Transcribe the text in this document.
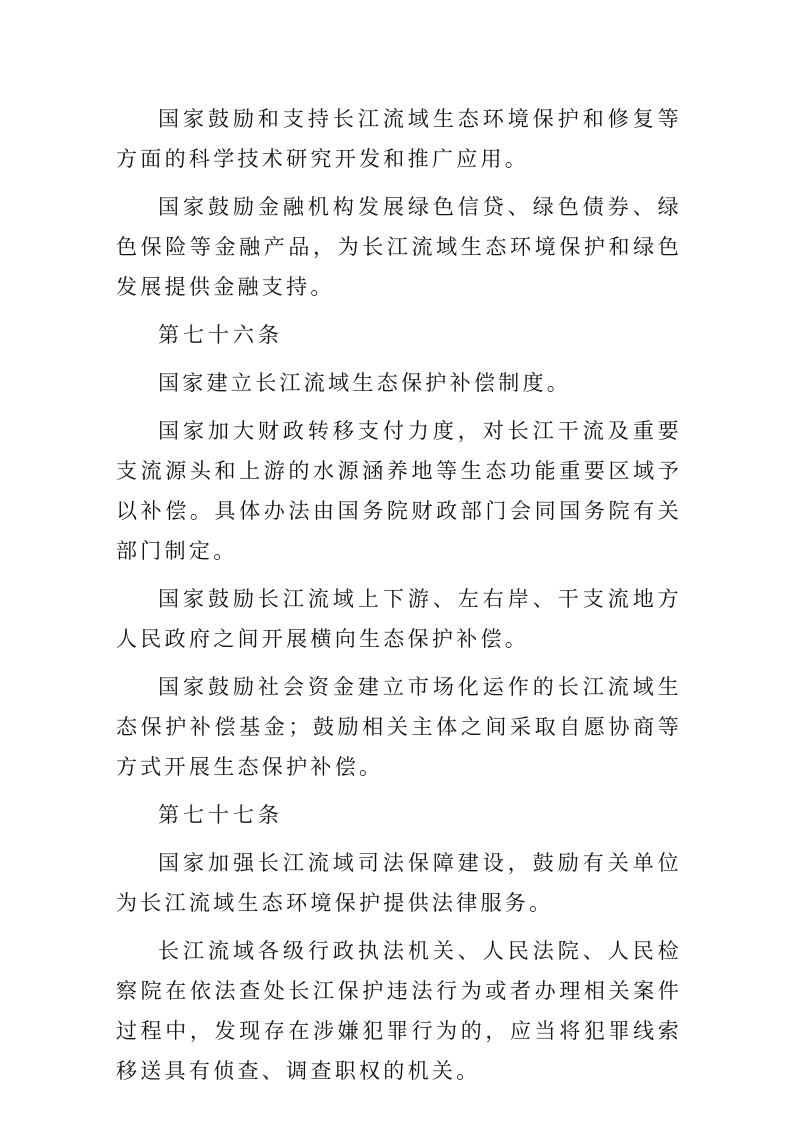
国家鼓励和支持长江流域生态环境保护和修复等方面的科学技术研究开发和推广应用。

国家鼓励金融机构发展绿色信贷、绿色债券、绿色保险等金融产品，为长江流域生态环境保护和绿色发展提供金融支持。

第七十六条

国家建立长江流域生态保护补偿制度。

国家加大财政转移支付力度，对长江干流及重要支流源头和上游的水源涵养地等生态功能重要区域予以补偿。具体办法由国务院财政部门会同国务院有关部门制定。

国家鼓励长江流域上下游、左右岸、干支流地方人民政府之间开展横向生态保护补偿。

国家鼓励社会资金建立市场化运作的长江流域生态保护补偿基金；鼓励相关主体之间采取自愿协商等方式开展生态保护补偿。

第七十七条

国家加强长江流域司法保障建设，鼓励有关单位为长江流域生态环境保护提供法律服务。

长江流域各级行政执法机关、人民法院、人民检察院在依法查处长江保护违法行为或者办理相关案件过程中，发现存在涉嫌犯罪行为的，应当将犯罪线索移送具有侦查、调查职权的机关。
